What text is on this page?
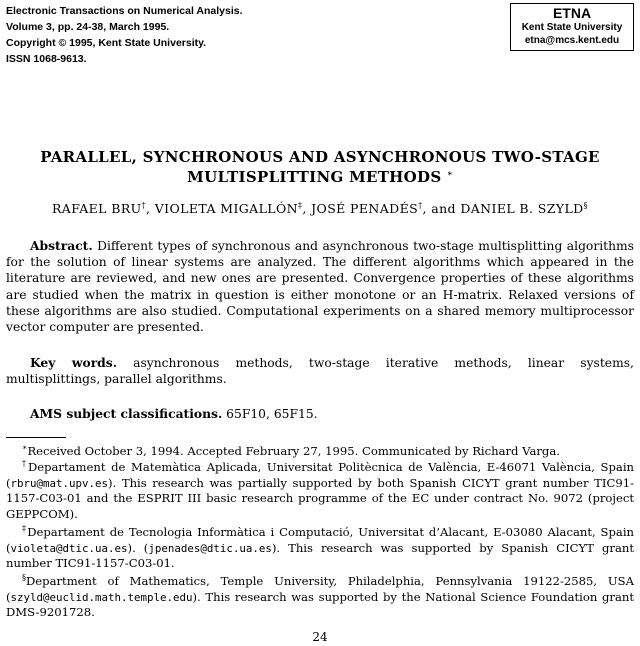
Electronic Transactions on Numerical Analysis.
Volume 3, pp. 24-38, March 1995.
Copyright © 1995, Kent State University.
ISSN 1068-9613.
ETNA
Kent State University
etna@mcs.kent.edu
PARALLEL, SYNCHRONOUS AND ASYNCHRONOUS TWO-STAGE
MULTISPLITTING METHODS ∗
RAFAEL BRU†, VIOLETA MIGALLÓN‡, JOSÉ PENADÉS†, and DANIEL B. SZYLD§
Abstract. Different types of synchronous and asynchronous two-stage multisplitting algorithms for the solution of linear systems are analyzed. The different algorithms which appeared in the literature are reviewed, and new ones are presented. Convergence properties of these algorithms are studied when the matrix in question is either monotone or an H-matrix. Relaxed versions of these algorithms are also studied. Computational experiments on a shared memory multiprocessor vector computer are presented.
Key words. asynchronous methods, two-stage iterative methods, linear systems, multisplittings, parallel algorithms.
AMS subject classifications. 65F10, 65F15.
∗Received October 3, 1994. Accepted February 27, 1995. Communicated by Richard Varga.
†Departament de Matemàtica Aplicada, Universitat Politècnica de València, E-46071 València, Spain (rbru@mat.upv.es). This research was partially supported by both Spanish CICYT grant number TIC91-1157-C03-01 and the ESPRIT III basic research programme of the EC under contract No. 9072 (project GEPPCOM).
‡Departament de Tecnologia Informàtica i Computació, Universitat d’Alacant, E-03080 Alacant, Spain (violeta@dtic.ua.es). (jpenades@dtic.ua.es). This research was supported by Spanish CICYT grant number TIC91-1157-C03-01.
§Department of Mathematics, Temple University, Philadelphia, Pennsylvania 19122-2585, USA (szyld@euclid.math.temple.edu). This research was supported by the National Science Foundation grant DMS-9201728.
24
